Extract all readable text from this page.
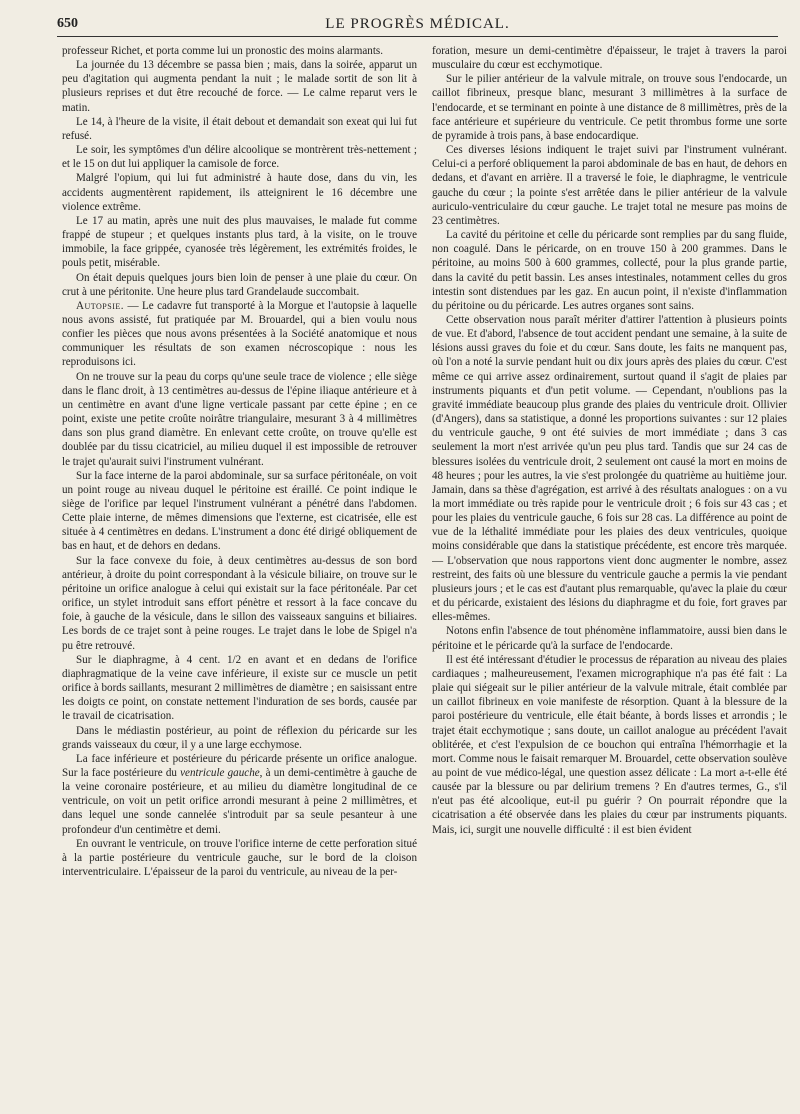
650	LE PROGRÈS MÉDICAL.

professeur Richet, et porta comme lui un pronostic des moins alarmants.

La journée du 13 décembre se passa bien ; mais, dans la soirée, apparut un peu d'agitation qui augmenta pendant la nuit ; le malade sortit de son lit à plusieurs reprises et dut être recouché de force. — Le calme reparut vers le matin.

Le 14, à l'heure de la visite, il était debout et demandait son exeat qui lui fut refusé.

Le soir, les symptômes d'un délire alcoolique se montrèrent très-nettement ; et le 15 on dut lui appliquer la camisole de force.

Malgré l'opium, qui lui fut administré à haute dose, dans du vin, les accidents augmentèrent rapidement, ils atteignirent le 16 décembre une violence extrême.

Le 17 au matin, après une nuit des plus mauvaises, le malade fut comme frappé de stupeur ; et quelques instants plus tard, à la visite, on le trouve immobile, la face grippée, cyanosée très légèrement, les extrémités froides, le pouls petit, misérable.

On était depuis quelques jours bien loin de penser à une plaie du cœur. On crut à une péritonite. Une heure plus tard Grandelaude succombait.

Autopsie. — Le cadavre fut transporté à la Morgue et l'autopsie à laquelle nous avons assisté, fut pratiquée par M. Brouardel, qui a bien voulu nous confier les pièces que nous avons présentées à la Société anatomique et nous communiquer les résultats de son examen nécroscopique : nous les reproduisons ici.

On ne trouve sur la peau du corps qu'une seule trace de violence ; elle siège dans le flanc droit, à 13 centimètres au-dessus de l'épine iliaque antérieure et à un centimètre en avant d'une ligne verticale passant par cette épine ; en ce point, existe une petite croûte noirâtre triangulaire, mesurant 3 à 4 millimètres dans son plus grand diamètre. En enlevant cette croûte, on trouve qu'elle est doublée par du tissu cicatriciel, au milieu duquel il est impossible de retrouver le trajet qu'aurait suivi l'instrument vulnérant.

Sur la face interne de la paroi abdominale, sur sa surface péritonéale, on voit un point rouge au niveau duquel le péritoine est éraillé. Ce point indique le siège de l'orifice par lequel l'instrument vulnérant a pénétré dans l'abdomen. Cette plaie interne, de mêmes dimensions que l'externe, est cicatrisée, elle est située à 4 centimètres en dedans. L'instrument a donc été dirigé obliquement de bas en haut, et de dehors en dedans.

Sur la face convexe du foie, à deux centimètres au-dessus de son bord antérieur, à droite du point correspondant à la vésicule biliaire, on trouve sur le péritoine un orifice analogue à celui qui existait sur la face péritonéale. Par cet orifice, un stylet introduit sans effort pénètre et ressort à la face concave du foie, à gauche de la vésicule, dans le sillon des vaisseaux sanguins et biliaires. Les bords de ce trajet sont à peine rouges. Le trajet dans le lobe de Spigel n'a pu être retrouvé.

Sur le diaphragme, à 4 cent. 1/2 en avant et en dedans de l'orifice diaphragmatique de la veine cave inférieure, il existe sur ce muscle un petit orifice à bords saillants, mesurant 2 millimètres de diamètre ; en saisissant entre les doigts ce point, on constate nettement l'induration de ses bords, causée par le travail de cicatrisation.

Dans le médiastin postérieur, au point de réflexion du péricarde sur les grands vaisseaux du cœur, il y a une large ecchymose.

La face inférieure et postérieure du péricarde présente un orifice analogue. Sur la face postérieure du ventricule gauche, à un demi-centimètre à gauche de la veine coronaire postérieure, et au milieu du diamètre longitudinal de ce ventricule, on voit un petit orifice arrondi mesurant à peine 2 millimètres, et dans lequel une sonde cannelée s'introduit par sa seule pesanteur à une profondeur d'un centimètre et demi.

En ouvrant le ventricule, on trouve l'orifice interne de cette perforation situé à la partie postérieure du ventricule gauche, sur le bord de la cloison interventriculaire. L'épaisseur de la paroi du ventricule, au niveau de la per-

foration, mesure un demi-centimètre d'épaisseur, le trajet à travers la paroi musculaire du cœur est ecchymotique.

Sur le pilier antérieur de la valvule mitrale, on trouve sous l'endocarde, un caillot fibrineux, presque blanc, mesurant 3 millimètres à la surface de l'endocarde, et se terminant en pointe à une distance de 8 millimètres, près de la face antérieure et supérieure du ventricule. Ce petit thrombus forme une sorte de pyramide à trois pans, à base endocardique.

Ces diverses lésions indiquent le trajet suivi par l'instrument vulnérant. Celui-ci a perforé obliquement la paroi abdominale de bas en haut, de dehors en dedans, et d'avant en arrière. Il a traversé le foie, le diaphragme, le ventricule gauche du cœur ; la pointe s'est arrêtée dans le pilier antérieur de la valvule auriculo-ventriculaire du cœur gauche. Le trajet total ne mesure pas moins de 23 centimètres.

La cavité du péritoine et celle du péricarde sont remplies par du sang fluide, non coagulé. Dans le péricarde, on en trouve 150 à 200 grammes. Dans le péritoine, au moins 500 à 600 grammes, collecté, pour la plus grande partie, dans la cavité du petit bassin. Les anses intestinales, notamment celles du gros intestin sont distendues par les gaz. En aucun point, il n'existe d'inflammation du péritoine ou du péricarde. Les autres organes sont sains.

Cette observation nous paraît mériter d'attirer l'attention à plusieurs points de vue. Et d'abord, l'absence de tout accident pendant une semaine, à la suite de lésions aussi graves du foie et du cœur. Sans doute, les faits ne manquent pas, où l'on a noté la survie pendant huit ou dix jours après des plaies du cœur. C'est même ce qui arrive assez ordinairement, surtout quand il s'agit de plaies par instruments piquants et d'un petit volume. — Cependant, n'oublions pas la gravité immédiate beaucoup plus grande des plaies du ventricule droit. Ollivier (d'Angers), dans sa statistique, a donné les proportions suivantes : sur 12 plaies du ventricule gauche, 9 ont été suivies de mort immédiate ; dans 3 cas seulement la mort n'est arrivée qu'un peu plus tard. Tandis que sur 24 cas de blessures isolées du ventricule droit, 2 seulement ont causé la mort en moins de 48 heures ; pour les autres, la vie s'est prolongée du quatrième au huitième jour. Jamain, dans sa thèse d'agrégation, est arrivé à des résultats analogues : on a vu la mort immédiate ou très rapide pour le ventricule droit ; 6 fois sur 43 cas ; et pour les plaies du ventricule gauche, 6 fois sur 28 cas. La différence au point de vue de la léthalité immédiate pour les plaies des deux ventricules, quoique moins considérable que dans la statistique précédente, est encore très marquée. — L'observation que nous rapportons vient donc augmenter le nombre, assez restreint, des faits où une blessure du ventricule gauche a permis la vie pendant plusieurs jours ; et le cas est d'autant plus remarquable, qu'avec la plaie du cœur et du péricarde, existaient des lésions du diaphragme et du foie, fort graves par elles-mêmes.

Notons enfin l'absence de tout phénomène inflammatoire, aussi bien dans le péritoine et le péricarde qu'à la surface de l'endocarde.

Il est été intéressant d'étudier le processus de réparation au niveau des plaies cardiaques ; malheureusement, l'examen micrographique n'a pas été fait : La plaie qui siégeait sur le pilier antérieur de la valvule mitrale, était comblée par un caillot fibrineux en voie manifeste de résorption. Quant à la blessure de la paroi postérieure du ventricule, elle était béante, à bords lisses et arrondis ; le trajet était ecchymotique ; sans doute, un caillot analogue au précédent l'avait oblitérée, et c'est l'expulsion de ce bouchon qui entraîna l'hémorrhagie et la mort. Comme nous le faisait remarquer M. Brouardel, cette observation soulève au point de vue médico-légal, une question assez délicate : La mort a-t-elle été causée par la blessure ou par delirium tremens ? En d'autres termes, G., s'il n'eut pas été alcoolique, eut-il pu guérir ? On pourrait répondre que la cicatrisation a été observée dans les plaies du cœur par instruments piquants. Mais, ici, surgit une nouvelle difficulté : il est bien évident
